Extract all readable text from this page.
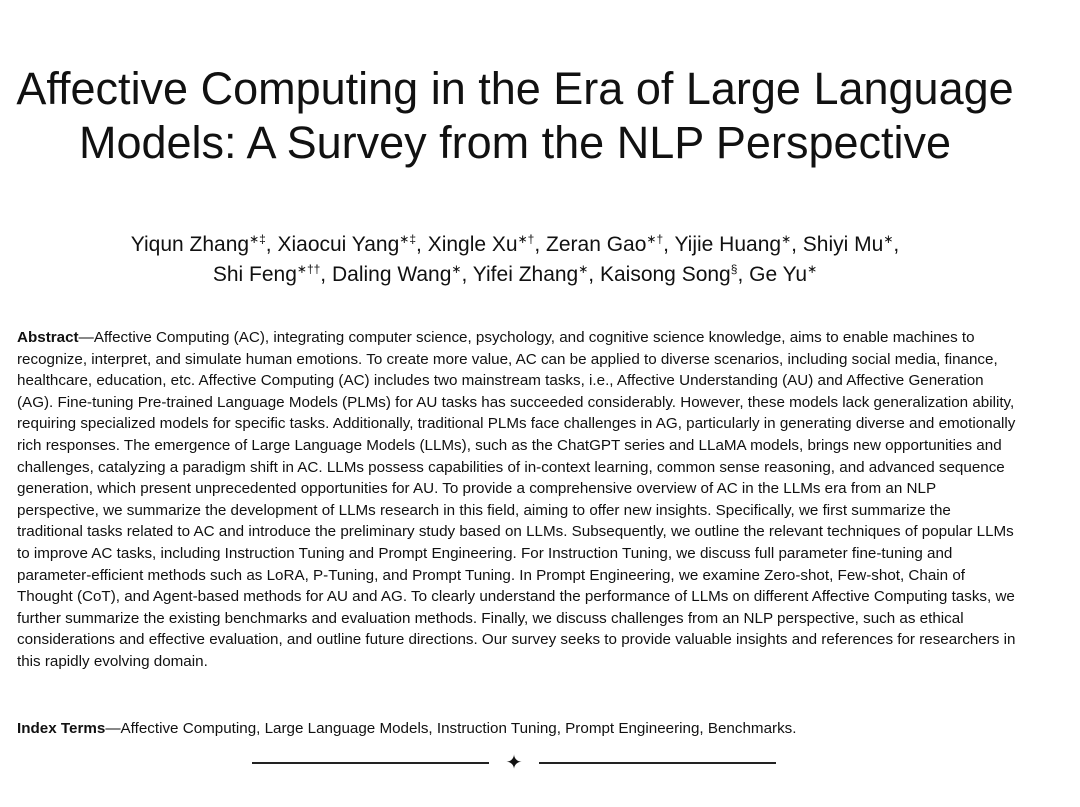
Affective Computing in the Era of Large Language Models: A Survey from the NLP Perspective
Yiqun Zhang∗‡, Xiaocui Yang∗‡, Xingle Xu∗†, Zeran Gao∗†, Yijie Huang∗, Shiyi Mu∗,
Shi Feng∗††, Daling Wang∗, Yifei Zhang∗, Kaisong Song§, Ge Yu∗
Abstract—Affective Computing (AC), integrating computer science, psychology, and cognitive science knowledge, aims to enable machines to recognize, interpret, and simulate human emotions. To create more value, AC can be applied to diverse scenarios, including social media, finance, healthcare, education, etc. Affective Computing (AC) includes two mainstream tasks, i.e., Affective Understanding (AU) and Affective Generation (AG). Fine-tuning Pre-trained Language Models (PLMs) for AU tasks has succeeded considerably. However, these models lack generalization ability, requiring specialized models for specific tasks. Additionally, traditional PLMs face challenges in AG, particularly in generating diverse and emotionally rich responses. The emergence of Large Language Models (LLMs), such as the ChatGPT series and LLaMA models, brings new opportunities and challenges, catalyzing a paradigm shift in AC. LLMs possess capabilities of in-context learning, common sense reasoning, and advanced sequence generation, which present unprecedented opportunities for AU. To provide a comprehensive overview of AC in the LLMs era from an NLP perspective, we summarize the development of LLMs research in this field, aiming to offer new insights. Specifically, we first summarize the traditional tasks related to AC and introduce the preliminary study based on LLMs. Subsequently, we outline the relevant techniques of popular LLMs to improve AC tasks, including Instruction Tuning and Prompt Engineering. For Instruction Tuning, we discuss full parameter fine-tuning and parameter-efficient methods such as LoRA, P-Tuning, and Prompt Tuning. In Prompt Engineering, we examine Zero-shot, Few-shot, Chain of Thought (CoT), and Agent-based methods for AU and AG. To clearly understand the performance of LLMs on different Affective Computing tasks, we further summarize the existing benchmarks and evaluation methods. Finally, we discuss challenges from an NLP perspective, such as ethical considerations and effective evaluation, and outline future directions. Our survey seeks to provide valuable insights and references for researchers in this rapidly evolving domain.
Index Terms—Affective Computing, Large Language Models, Instruction Tuning, Prompt Engineering, Benchmarks.
✦
